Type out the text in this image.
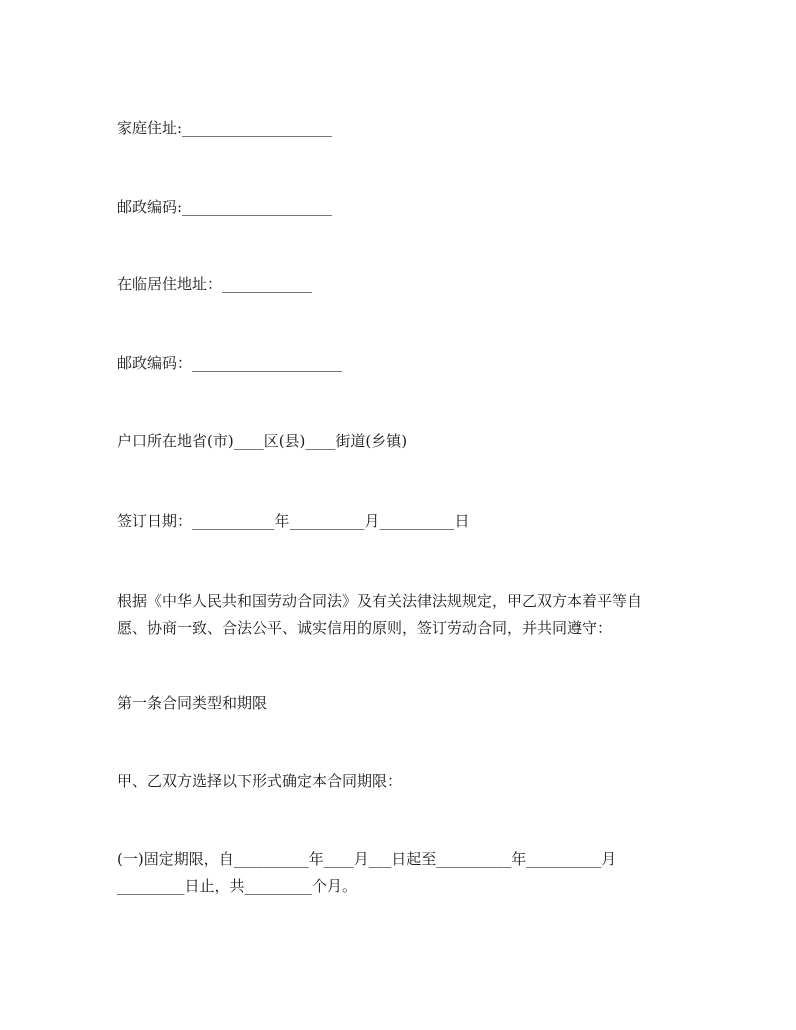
家庭住址:____________________
邮政编码:____________________
在临居住地址：____________
邮政编码：____________________
户口所在地省(市)____区(县)____街道(乡镇)
签订日期：___________年__________月__________日
根据《中华人民共和国劳动合同法》及有关法律法规规定，甲乙双方本着平等自
愿、协商一致、合法公平、诚实信用的原则，签订劳动合同，并共同遵守：
第一条合同类型和期限
甲、乙双方选择以下形式确定本合同期限：
(一)固定期限，自__________年____月___日起至__________年__________月
_________日止，共_________个月。
